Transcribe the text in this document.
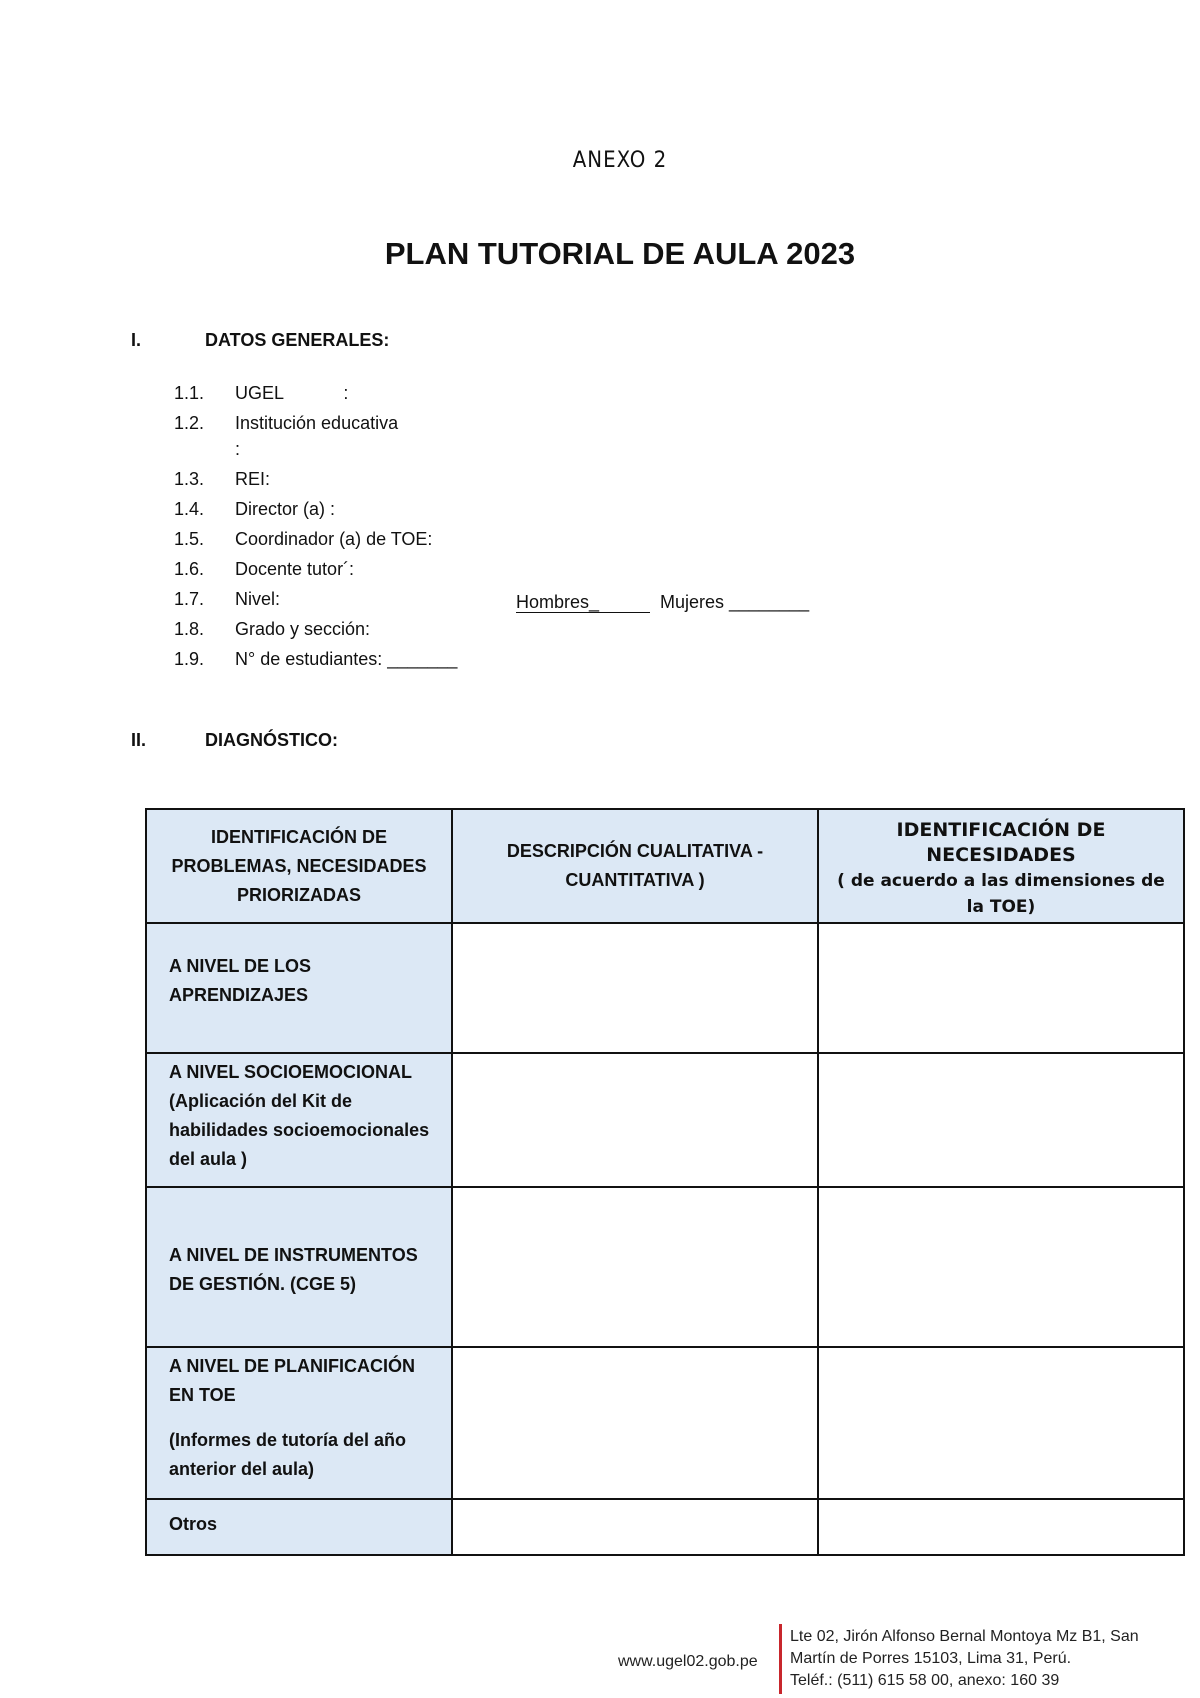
ANEXO 2
PLAN TUTORIAL DE AULA 2023
I.	DATOS GENERALES:
1.1.	UGEL            :
1.2.	Institución educativa
:
1.3.	REI:
1.4.	Director (a) :
1.5.	Coordinador (a) de TOE:
1.6.	Docente tutor´:
1.7.	Nivel:
1.8.	Grado y sección:
1.9.	N° de estudiantes: _______
Hombres_	Mujeres ________
II.	DIAGNÓSTICO:
IDENTIFICACIÓN DE PROBLEMAS, NECESIDADES PRIORIZADAS	DESCRIPCIÓN CUALITATIVA - CUANTITATIVA )	IDENTIFICACIÓN DE NECESIDADES
( de acuerdo a las dimensiones de la TOE)
A NIVEL DE LOS APRENDIZAJES		
A NIVEL SOCIOEMOCIONAL (Aplicación del Kit de habilidades socioemocionales del aula )		
A NIVEL DE INSTRUMENTOS DE GESTIÓN. (CGE 5)		
A NIVEL DE PLANIFICACIÓN EN TOE
(Informes de tutoría del año anterior del aula)		

Otros		
www.ugel02.gob.pe
Lte 02, Jirón Alfonso Bernal Montoya Mz B1, San
Martín de Porres 15103, Lima 31, Perú.
Teléf.: (511) 615 58 00, anexo: 160 39
